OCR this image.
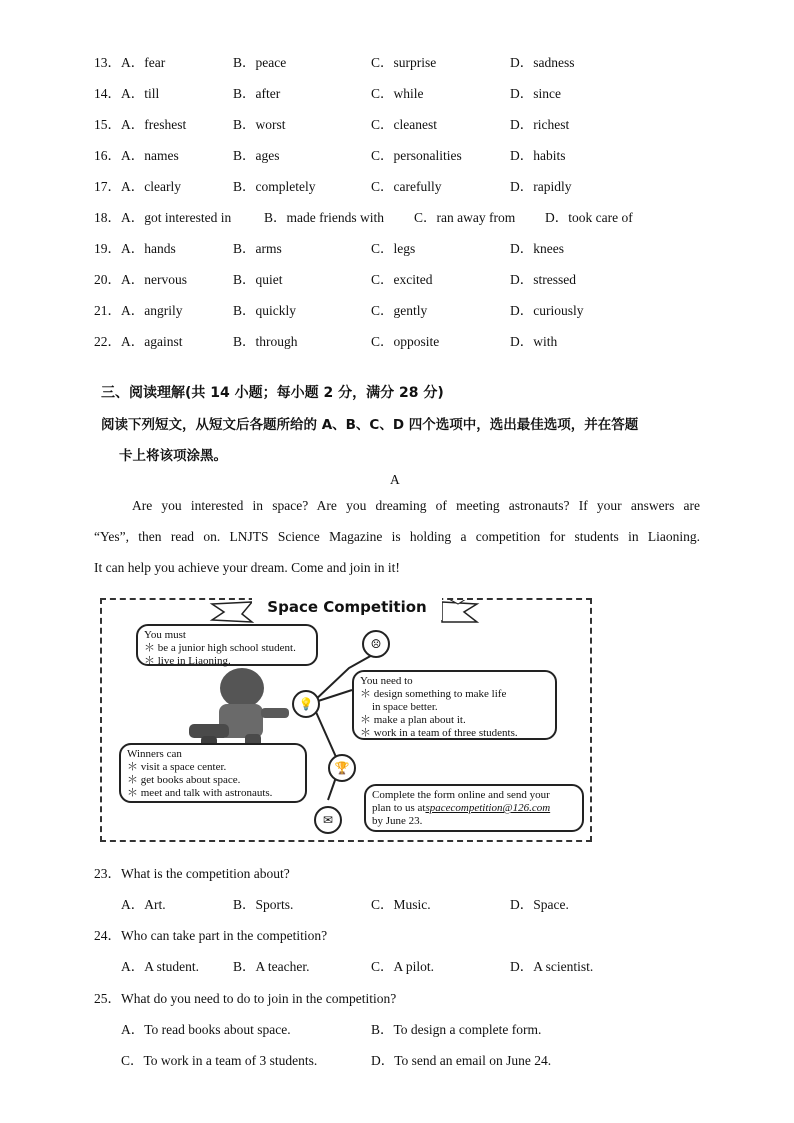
13． A．fear	B．peace	C．surprise	D．sadness
14． A．till	B．after	C．while	D．since
15． A．freshest	B．worst	C．cleanest	D．richest
16． A．names	B．ages	C．personalities	D．habits
17． A．clearly	B．completely	C．carefully	D．rapidly
18． A．got interested in B．made friends with C．ran away from D．took care of
19． A．hands	B．arms	C．legs	D．knees
20． A．nervous	B．quiet	C．excited	D．stressed
21． A．angrily	B．quickly	C．gently	D．curiously
22． A．against	B．through	C．opposite	D．with
三、阅读理解(共 14 小题；每小题 2 分，满分 28 分)
阅读下列短文，从短文后各题所给的 A、B、C、D 四个选项中，选出最佳选项，并在答题
卡上将该项涂黑。
A
Are you interested in space? Are you dreaming of meeting astronauts? If your answers are
“Yes”, then read on. LNJTS Science Magazine is holding a competition for students in Liaoning.
It can help you achieve your dream. Come and join in it!
Space Competition
You must
＊ be a junior high school student.
＊ live in Liaoning.
☹
You need to
＊ design something to make life
in space better.
＊ make a plan about it.
＊ work in a team of three students.
💡
Winners can
＊ visit a space center.
＊ get books about space.
＊ meet and talk with astronauts.
🏆
Complete the form online and send your
plan to us atspacecompetition@126.com
by June 23.
✉
23．What is the competition about?
A．Art.	B．Sports.	C．Music.	D．Space.
24．Who can take part in the competition?
A．A student.	B．A teacher.	C．A pilot.	D．A scientist.
25．What do you need to do to join in the competition?
A．To read books about space.	B．To design a complete form.
C．To work in a team of 3 students.	D．To send an email on June 24.
